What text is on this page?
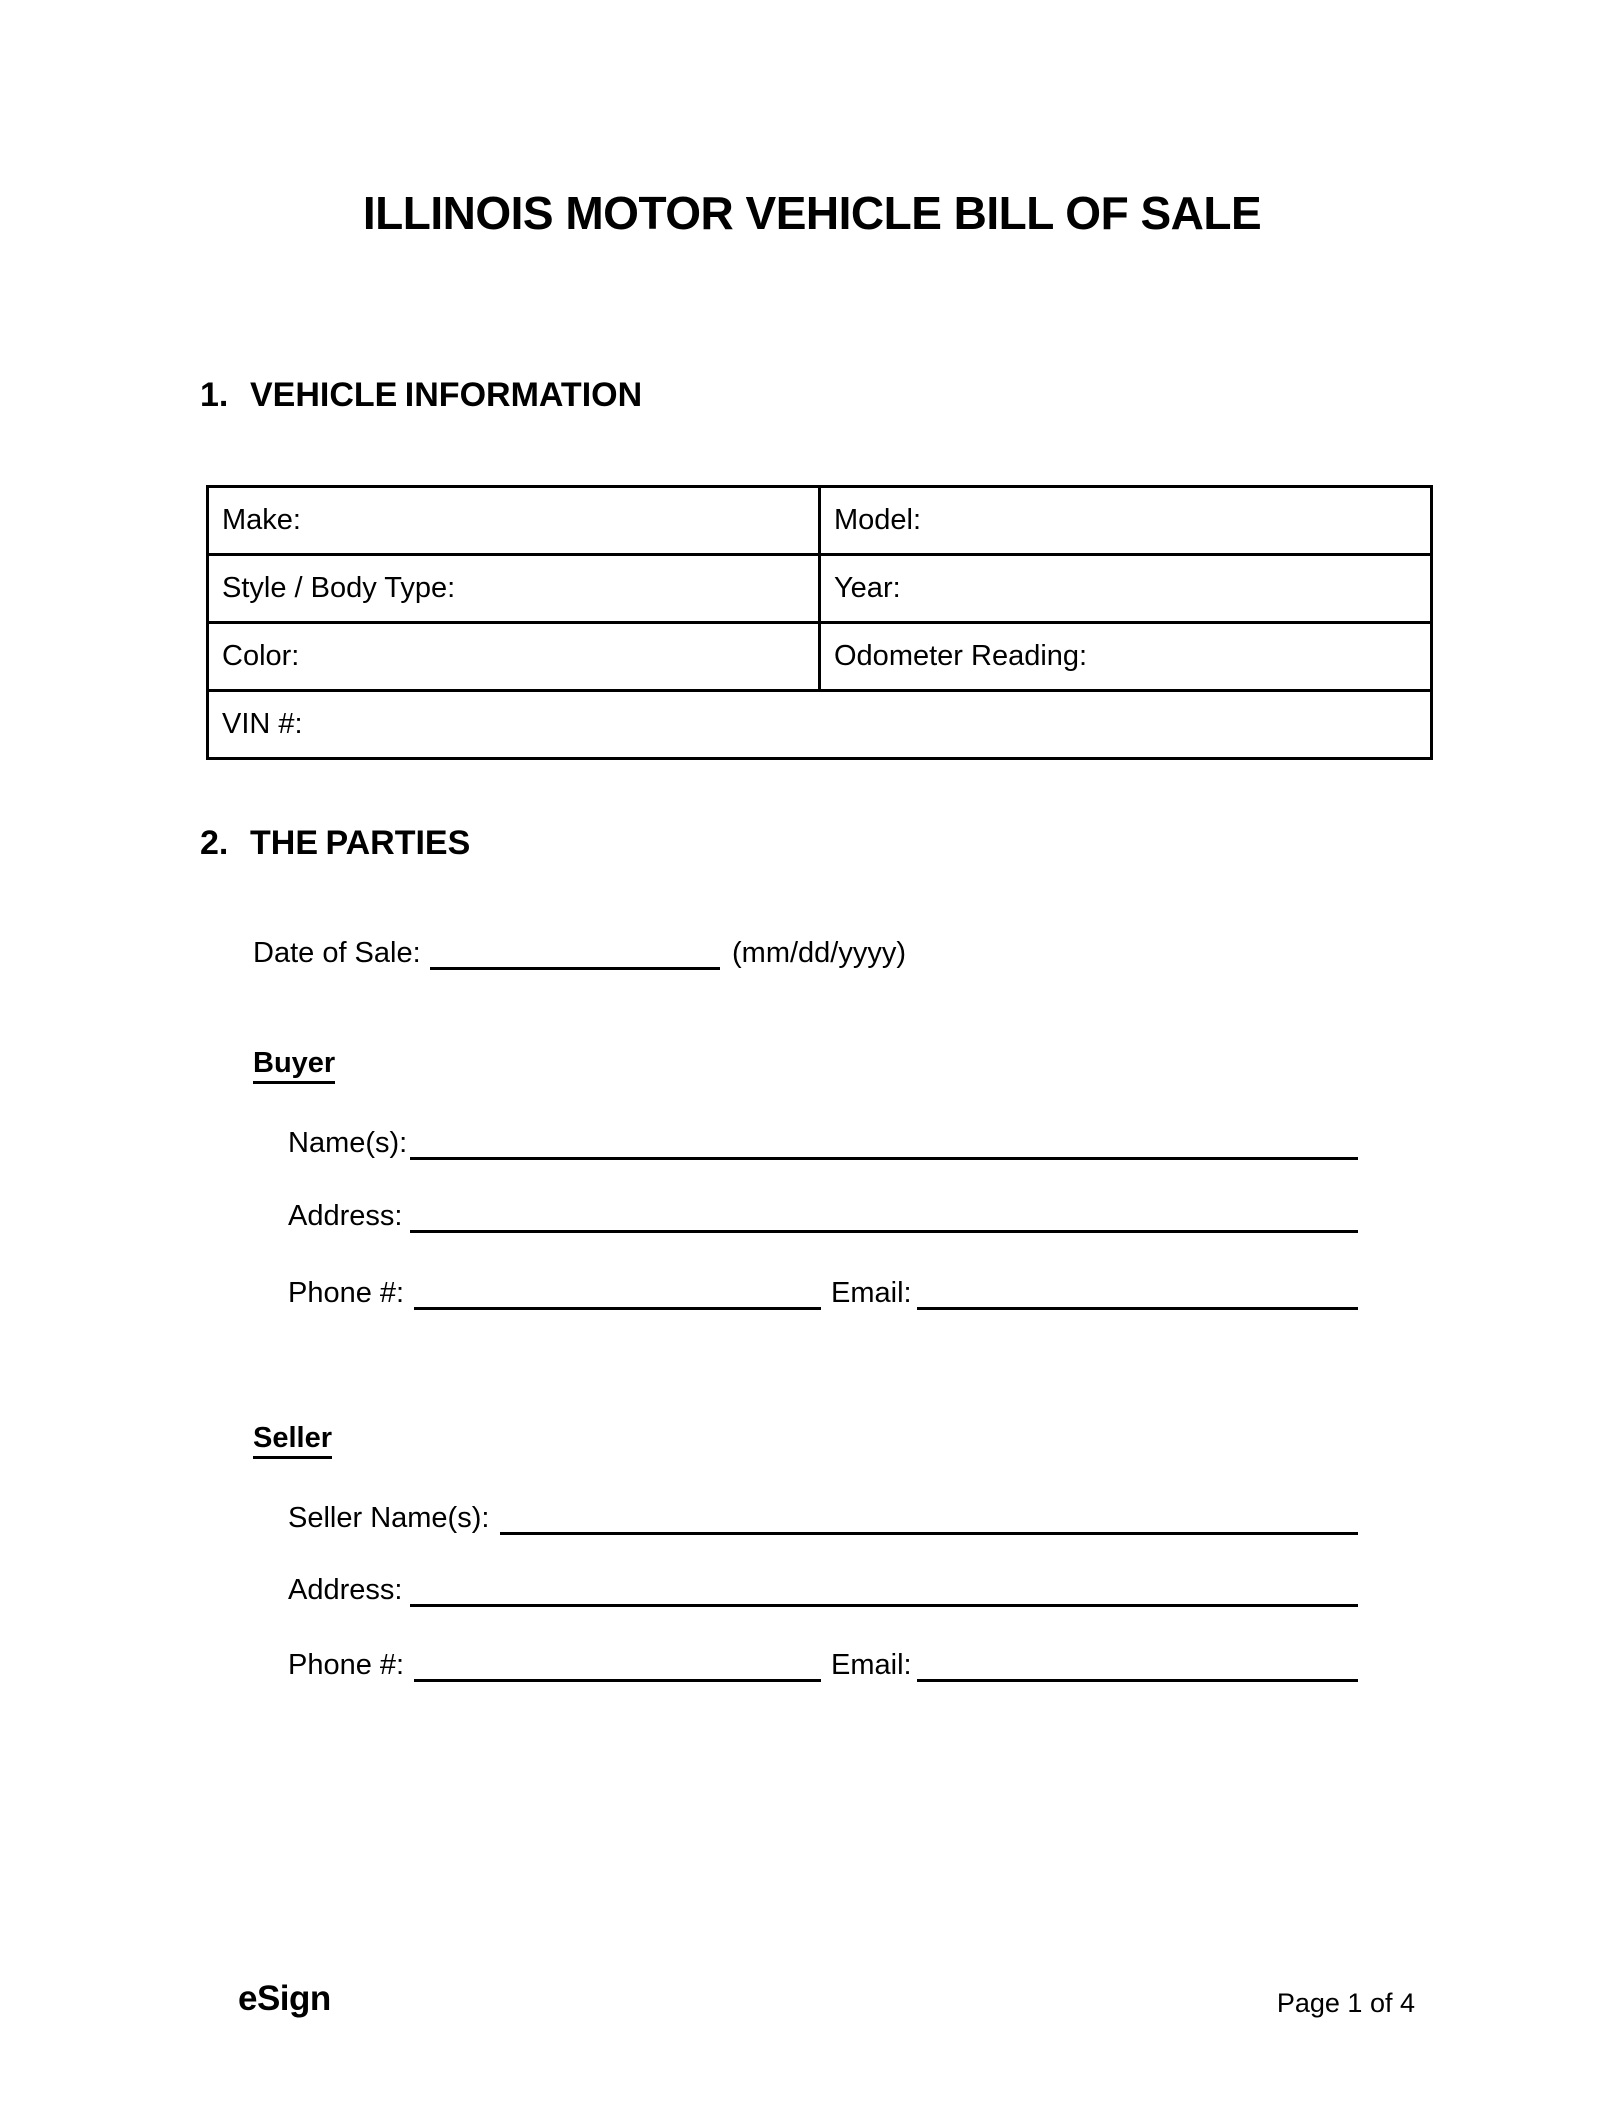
ILLINOIS MOTOR VEHICLE BILL OF SALE
1. VEHICLE INFORMATION
Make:	Model:
Style / Body Type:	Year:
Color:	Odometer Reading:
VIN #:	
2. THE PARTIES
Date of Sale:	(mm/dd/yyyy)
Buyer
Name(s):
Address:
Phone #:	Email:
Seller
Seller Name(s):
Address:
Phone #:	Email:
eSign	Page 1 of 4
